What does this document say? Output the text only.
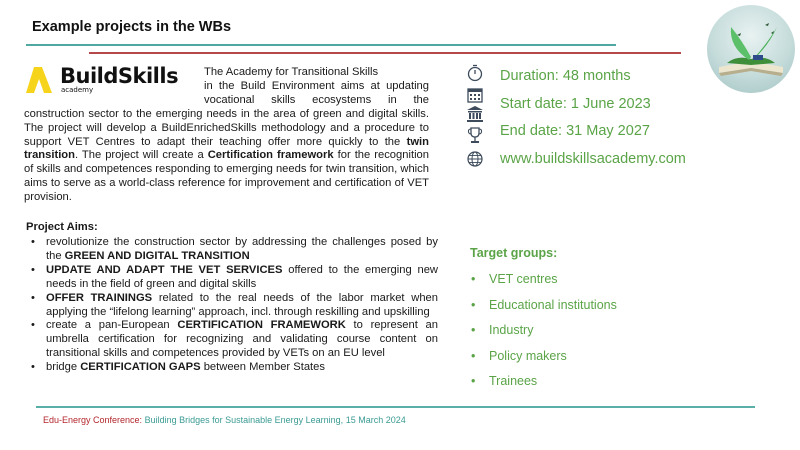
Example projects in the WBs
BuildSkills
academy
The Academy for Transitional Skills
in the Build Environment aims at updating
vocational skills ecosystems in the
construction sector to the emerging needs in the area of green and digital skills. The project will develop a BuildEnrichedSkills methodology and a procedure to support VET Centres to adapt their teaching offer more quickly to the twin transition. The project will create a Certification framework for the recognition of skills and competences responding to emerging needs for twin transition, which aims to serve as a world-class reference for improvement and certification of VET provision.
Project Aims:
• revolutionize the construction sector by addressing the challenges posed by the GREEN AND DIGITAL TRANSITION
• UPDATE AND ADAPT THE VET SERVICES offered to the emerging new needs in the field of green and digital skills
• OFFER TRAININGS related to the real needs of the labor market when applying the “lifelong learning” approach, incl. through reskilling and upskilling
• create a pan-European CERTIFICATION FRAMEWORK to represent an umbrella certification for recognizing and validating course content on transitional skills and competences provided by VETs on an EU level
• bridge CERTIFICATION GAPS between Member States
Duration: 48 months
Start date: 1 June 2023
End date: 31 May 2027
www.buildskillsacademy.com
Target groups:
• VET centres
• Educational institutions
• Industry
• Policy makers
• Trainees
Edu-Energy Conference: Building Bridges for Sustainable Energy Learning, 15 March 2024
